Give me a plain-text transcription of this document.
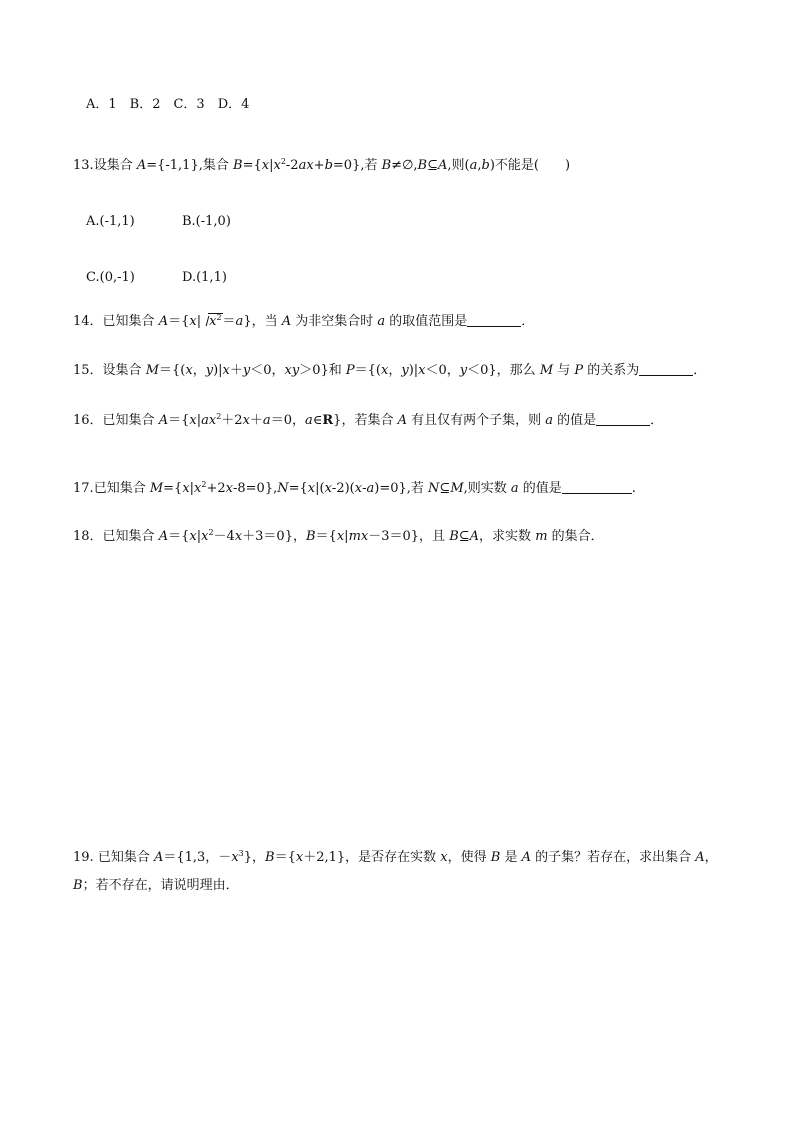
A．1　B．2　C．3　D．4
13.设集合 A={-1,1},集合 $B=\{x|x^2-2ax+b=0\}$,若 B≠∅,B⊆A,则(a,b)不能是(　　)
A.(-1,1)	B.(-1,0)
C.(0,-1)	D.(1,1)
14．已知集合 A＝{x| $x^2=a$}，当 A 为非空集合时 a 的取值范围是	．
15．设集合 M＝{(x，y)|x＋y＜0，xy＞0}和 P＝{(x，y)|x＜0，y＜0}，那么 M 与 P 的关系为	．
16．已知集合 $A=\{x|ax^2+2x+a=0$，a∈R}，若集合 A 有且仅有两个子集，则 a 的值是	．
17.已知集合 $M=\{x|x^2+2x-8=0\},N=\{x|(x-2)(x-a)=0\}$,若 N⊆M,则实数 a 的值是	.
18．已知集合 $A=\{x|x^2-4x+3=0\}$，B＝{x|mx－3＝0}，且 B⊆A，求实数 m 的集合．
19. 已知集合 A＝{1,3，$-x^3$}，B＝{x＋2,1}，是否存在实数 x，使得 B 是 A 的子集？若存在，求出集合 A，
B；若不存在，请说明理由．
